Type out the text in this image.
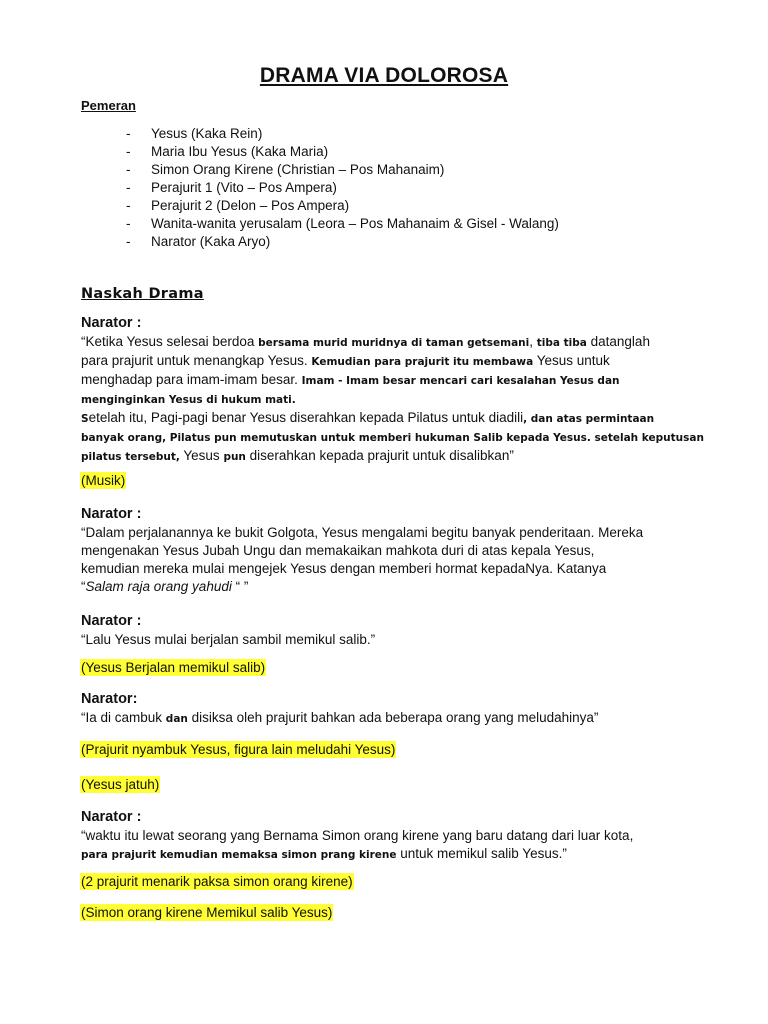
DRAMA VIA DOLOROSA
Pemeran
- Yesus (Kaka Rein)
- Maria Ibu Yesus (Kaka Maria)
- Simon Orang Kirene (Christian – Pos Mahanaim)
- Perajurit 1 (Vito – Pos Ampera)
- Perajurit 2 (Delon – Pos Ampera)
- Wanita-wanita yerusalam (Leora – Pos Mahanaim & Gisel - Walang)
- Narator (Kaka Aryo)
Naskah Drama
Narator :
“Ketika Yesus selesai berdoa bersama murid muridnya di taman getsemani, tiba tiba datanglah
para prajurit untuk menangkap Yesus. Kemudian para prajurit itu membawa Yesus untuk
menghadap para imam-imam besar. Imam - Imam besar mencari cari kesalahan Yesus dan
menginginkan Yesus di hukum mati.
Setelah itu, Pagi-pagi benar Yesus diserahkan kepada Pilatus untuk diadili, dan atas permintaan
banyak orang, Pilatus pun memutuskan untuk memberi hukuman Salib kepada Yesus. setelah keputusan
pilatus tersebut, Yesus pun diserahkan kepada prajurit untuk disalibkan”
(Musik)
Narator :
“Dalam perjalanannya ke bukit Golgota, Yesus mengalami begitu banyak penderitaan. Mereka
mengenakan Yesus Jubah Ungu dan memakaikan mahkota duri di atas kepala Yesus,
kemudian mereka mulai mengejek Yesus dengan memberi hormat kepadaNya. Katanya
“Salam raja orang yahudi “ ”
Narator :
“Lalu Yesus mulai berjalan sambil memikul salib.”
(Yesus Berjalan memikul salib)
Narator:
“Ia di cambuk dan disiksa oleh prajurit bahkan ada beberapa orang yang meludahinya”
(Prajurit nyambuk Yesus, figura lain meludahi Yesus)
(Yesus jatuh)
Narator :
“waktu itu lewat seorang yang Bernama Simon orang kirene yang baru datang dari luar kota,
para prajurit kemudian memaksa simon prang kirene untuk memikul salib Yesus.”
(2 prajurit menarik paksa simon orang kirene)
(Simon orang kirene Memikul salib Yesus)
